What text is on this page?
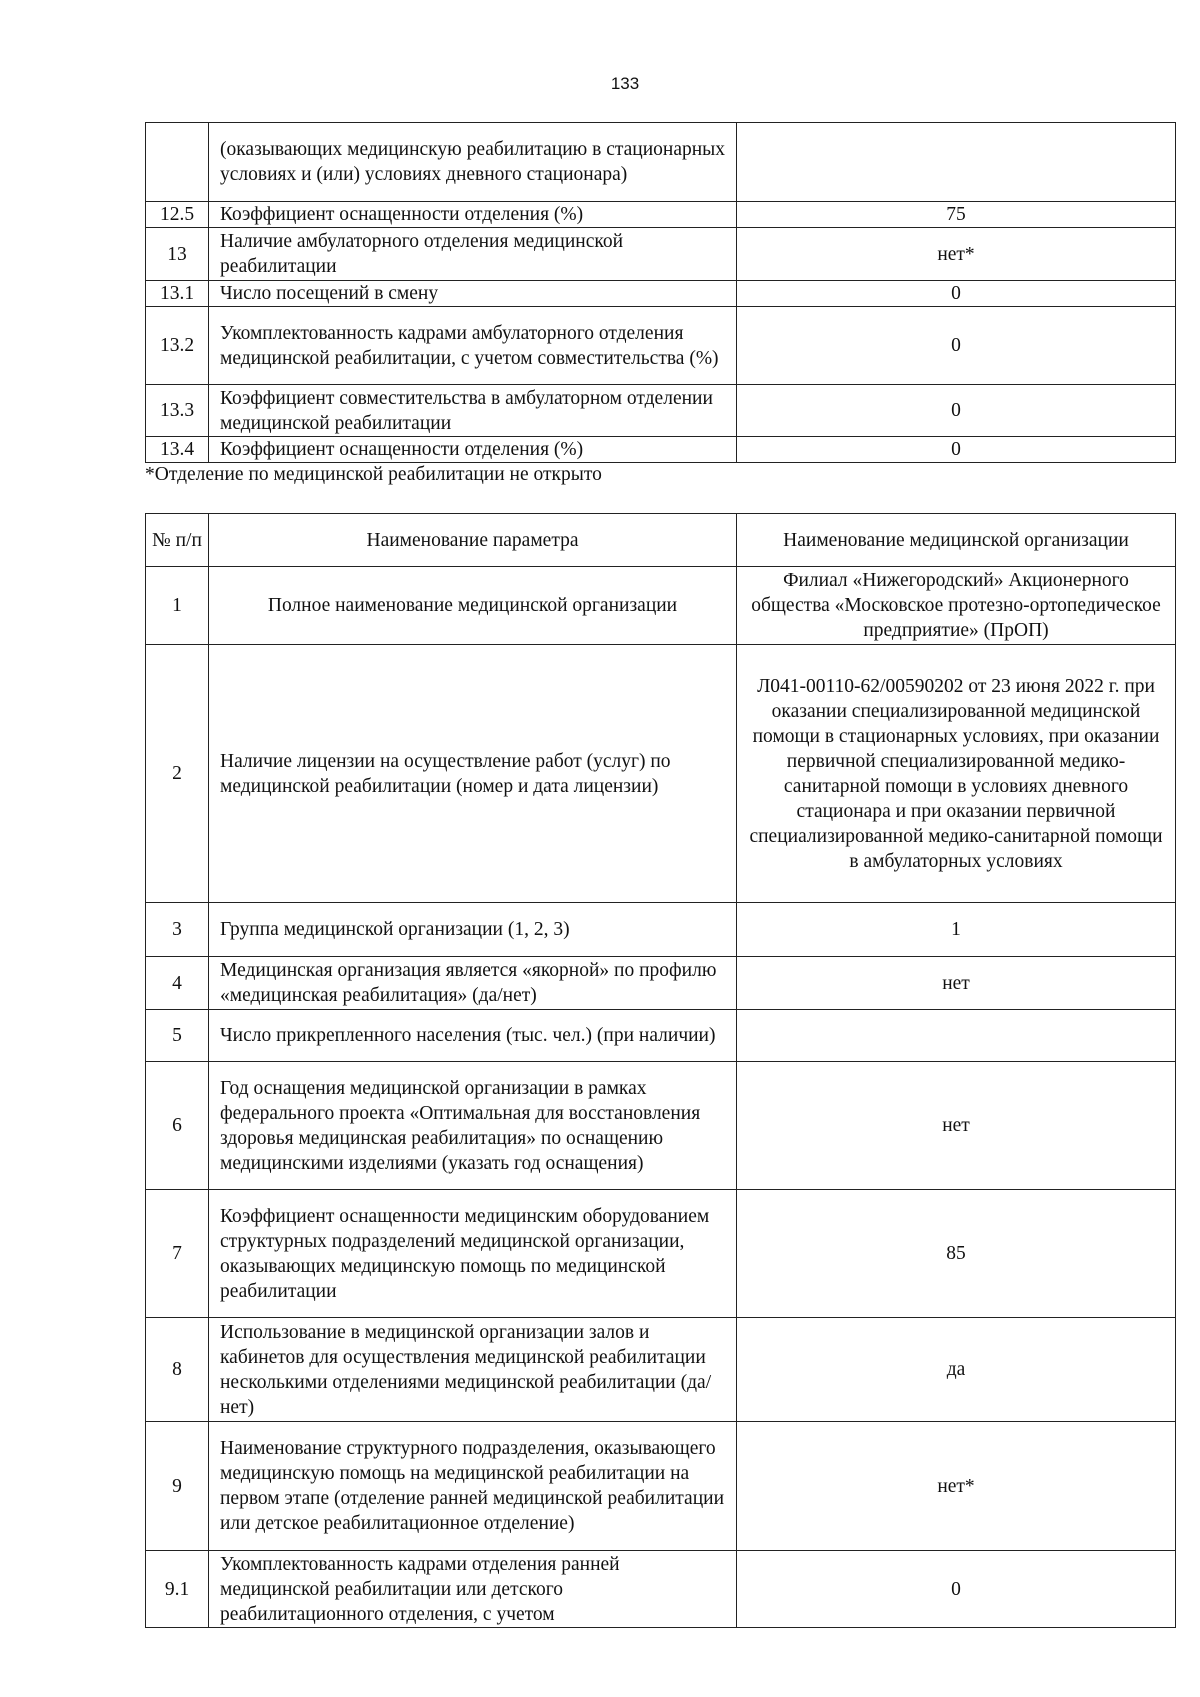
133
	(оказывающих медицинскую реабилитацию в стационарных условиях и (или) условиях дневного стационара)	
12.5	Коэффициент оснащенности отделения (%)	75
13	Наличие амбулаторного отделения медицинской реабилитации	нет*
13.1	Число посещений в смену	0
13.2	Укомплектованность кадрами амбулаторного отделения медицинской реабилитации, с учетом совместительства (%)	0
13.3	Коэффициент совместительства в амбулаторном отделении медицинской реабилитации	0
13.4	Коэффициент оснащенности отделения (%)	0
*Отделение по медицинской реабилитации не открыто
№ п/п	Наименование параметра	Наименование медицинской организации
1	Полное наименование медицинской организации	Филиал «Нижегородский» Акционерного общества «Московское протезно-ортопедическое предприятие» (ПрОП)
2	Наличие лицензии на осуществление работ (услуг) по медицинской реабилитации (номер и дата лицензии)	Л041-00110-62/00590202 от 23 июня 2022 г. при оказании специализированной медицинской помощи в стационарных условиях, при оказании первичной специализированной медико-санитарной помощи в условиях дневного стационара и при оказании первичной специализированной медико-санитарной помощи в амбулаторных условиях
3	Группа медицинской организации (1, 2, 3)	1
4	Медицинская организация является «якорной» по профилю «медицинская реабилитация» (да/нет)	нет
5	Число прикрепленного населения (тыс. чел.) (при наличии)	
6	Год оснащения медицинской организации в рамках федерального проекта «Оптимальная для восстановления здоровья медицинская реабилитация» по оснащению медицинскими изделиями (указать год оснащения)	нет
7	Коэффициент оснащенности медицинским оборудованием структурных подразделений медицинской организации, оказывающих медицинскую помощь по медицинской реабилитации	85
8	Использование в медицинской организации залов и кабинетов для осуществления медицинской реабилитации несколькими отделениями медицинской реабилитации (да/нет)	да
9	Наименование структурного подразделения, оказывающего медицинскую помощь на медицинской реабилитации на первом этапе (отделение ранней медицинской реабилитации или детское реабилитационное отделение)	нет*
9.1	Укомплектованность кадрами отделения ранней медицинской реабилитации или детского реабилитационного отделения, с учетом	0
